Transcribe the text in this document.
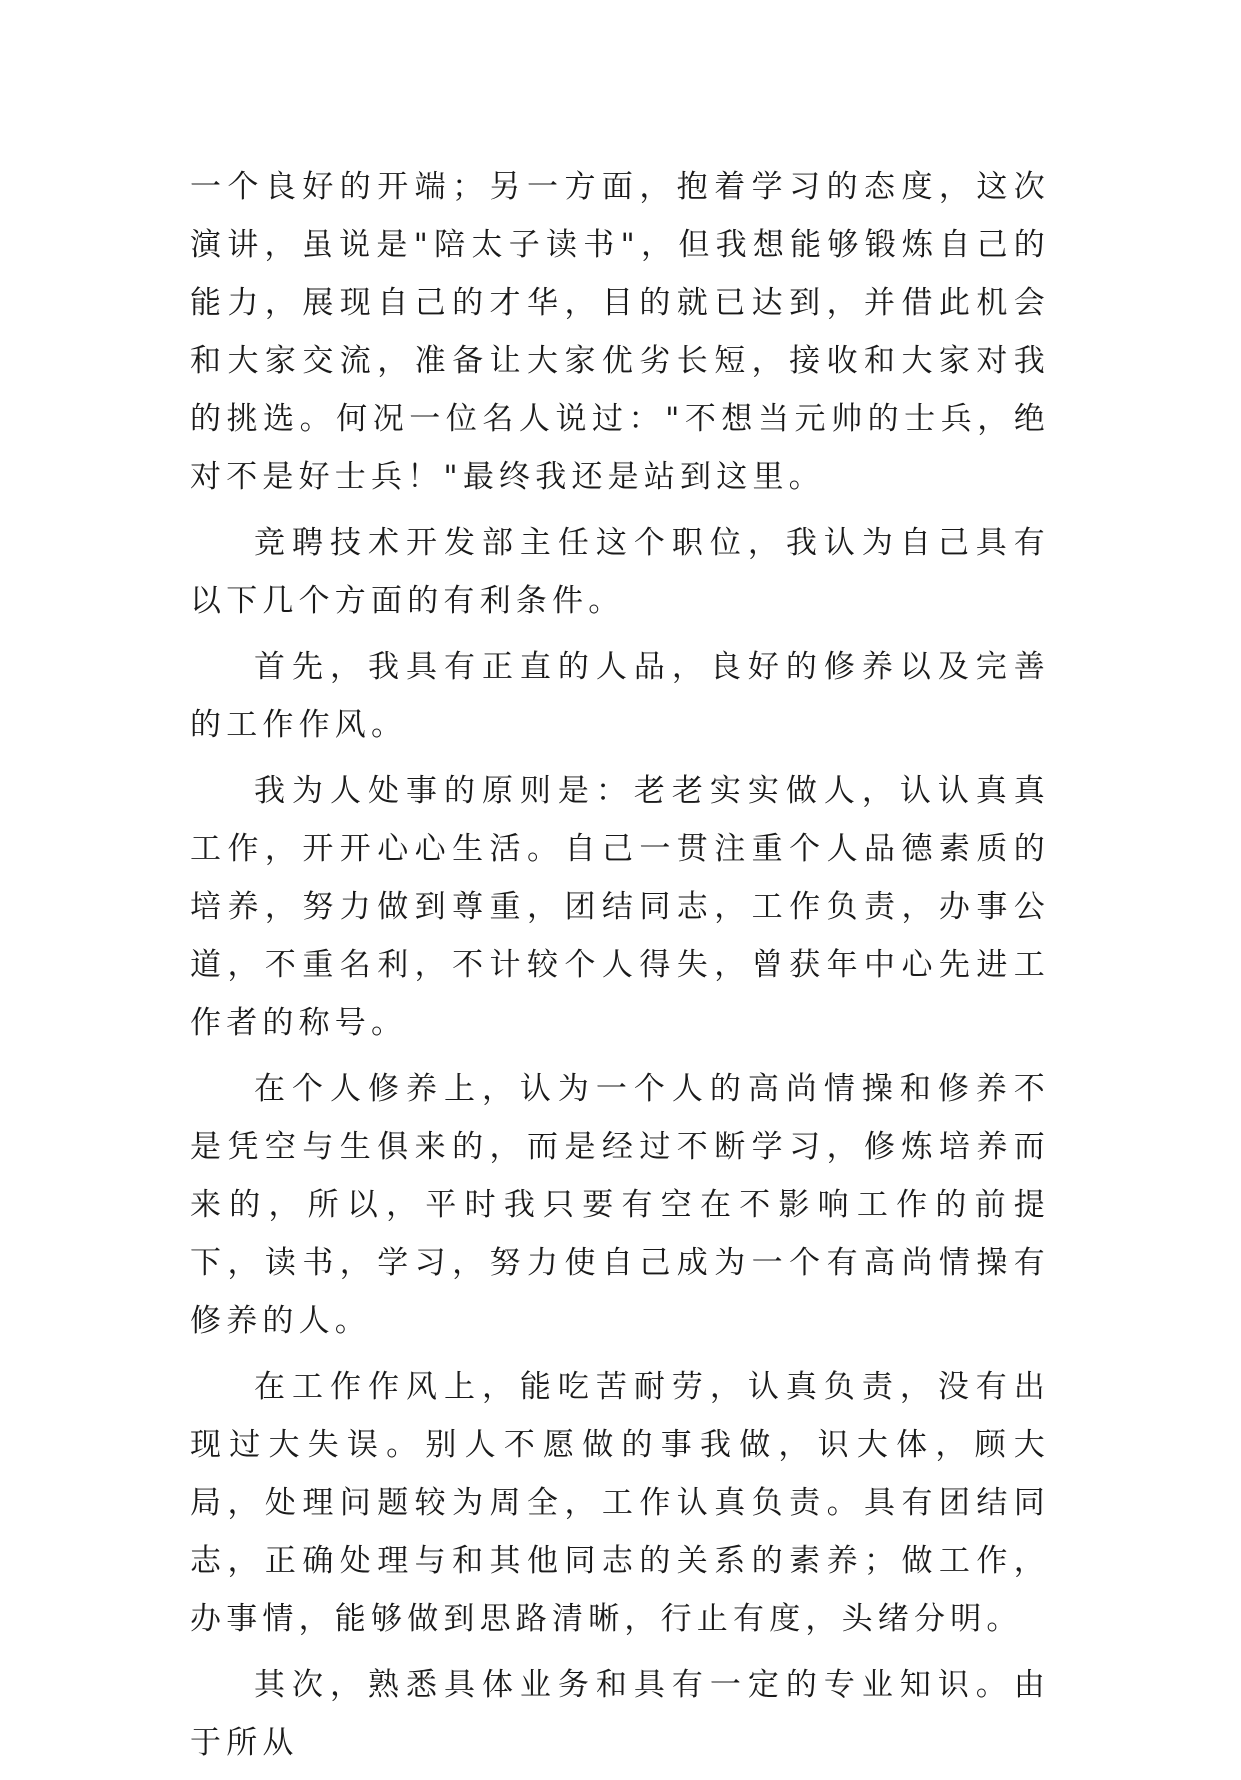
一个良好的开端；另一方面，抱着学习的态度，这次演讲，虽说是"陪太子读书"，但我想能够锻炼自己的能力，展现自己的才华，目的就已达到，并借此机会和大家交流，准备让大家优劣长短，接收和大家对我的挑选。何况一位名人说过："不想当元帅的士兵，绝对不是好士兵！"最终我还是站到这里。

竞聘技术开发部主任这个职位，我认为自己具有以下几个方面的有利条件。

首先，我具有正直的人品，良好的修养以及完善的工作作风。

我为人处事的原则是：老老实实做人，认认真真工作，开开心心生活。自己一贯注重个人品德素质的培养，努力做到尊重，团结同志，工作负责，办事公道，不重名利，不计较个人得失，曾获年中心先进工作者的称号。

在个人修养上，认为一个人的高尚情操和修养不是凭空与生俱来的，而是经过不断学习，修炼培养而来的，所以，平时我只要有空在不影响工作的前提下，读书，学习，努力使自己成为一个有高尚情操有修养的人。

在工作作风上，能吃苦耐劳，认真负责，没有出现过大失误。别人不愿做的事我做，识大体，顾大局，处理问题较为周全，工作认真负责。具有团结同志，正确处理与和其他同志的关系的素养；做工作，办事情，能够做到思路清晰，行止有度，头绪分明。

其次，熟悉具体业务和具有一定的专业知识。由于所从
